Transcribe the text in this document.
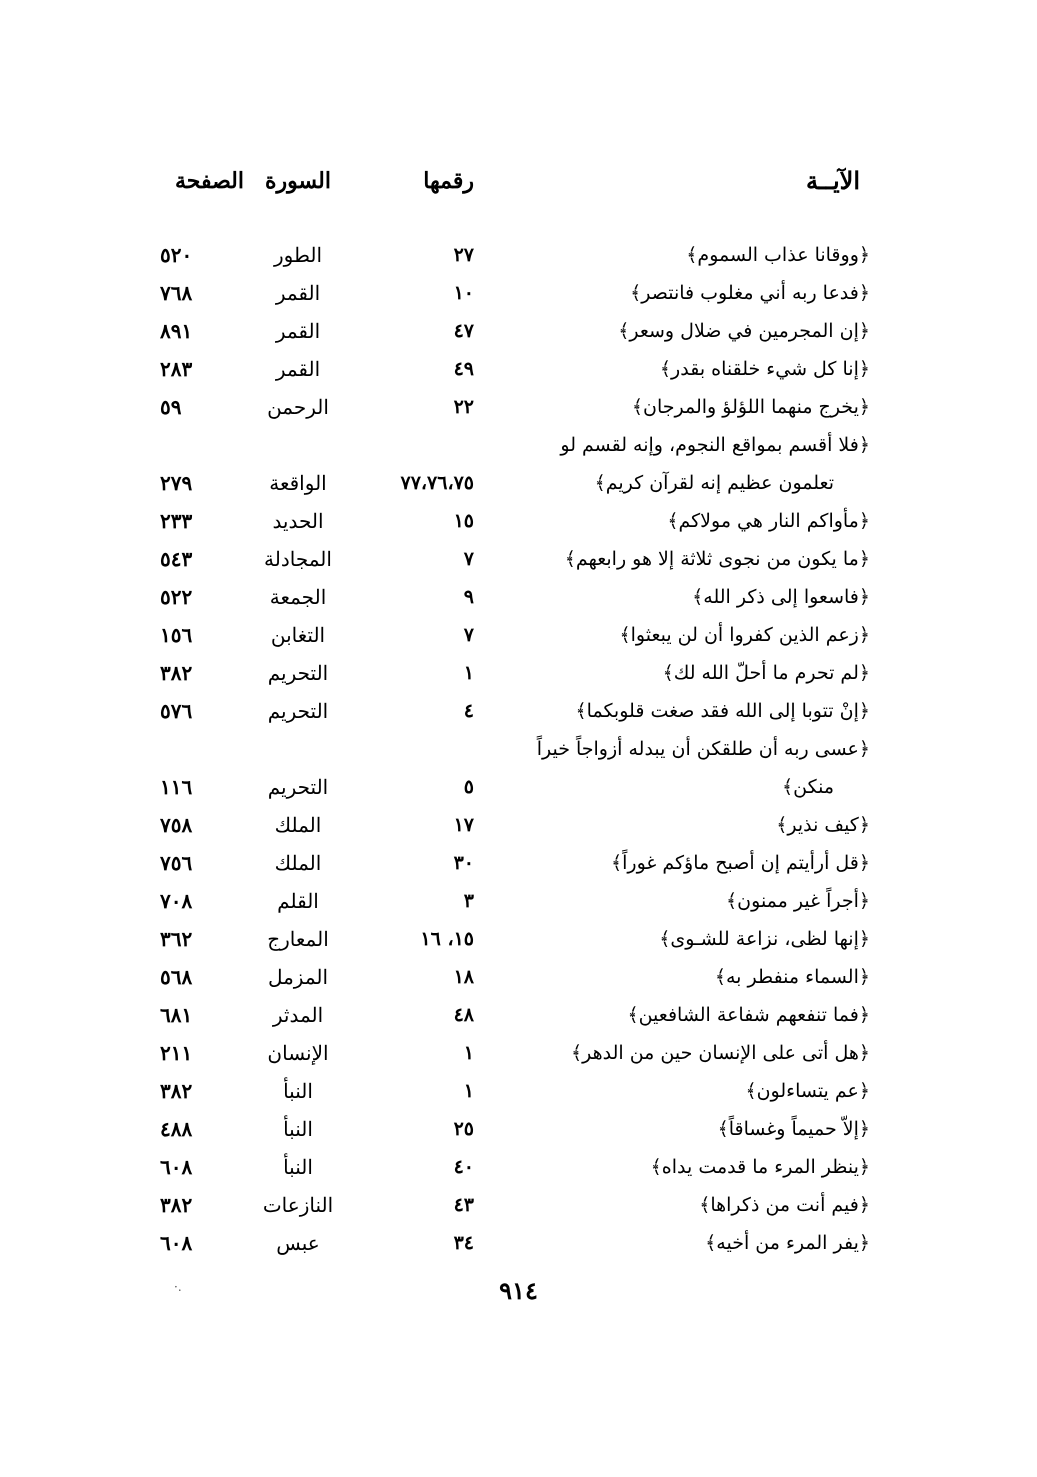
الآيــة
رقمها
السورة
الصفحة
﴿ووقانا عذاب السموم﴾
٢٧
الطور
٥٢٠
﴿فدعا ربه أني مغلوب فانتصر﴾
١٠
القمر
٧٦٨
﴿إن المجرمين في ضلال وسعر﴾
٤٧
القمر
٨٩١
﴿إنا كل شيء خلقناه بقدر﴾
٤٩
القمر
٢٨٣
﴿يخرج منهما اللؤلؤ والمرجان﴾
٢٢
الرحمن
٥٩
﴿فلا أقسم بمواقع النجوم، وإنه لقسم لو
تعلمون عظيم إنه لقرآن كريم﴾
٧٧،٧٦،٧٥
الواقعة
٢٧٩
﴿مأواكم النار هي مولاكم﴾
١٥
الحديد
٢٣٣
﴿ما يكون من نجوى ثلاثة إلا هو رابعهم﴾
٧
المجادلة
٥٤٣
﴿فاسعوا إلى ذكر الله﴾
٩
الجمعة
٥٢٢
﴿زعم الذين كفروا أن لن يبعثوا﴾
٧
التغابن
١٥٦
﴿لم تحرم ما أحلّ الله لك﴾
١
التحريم
٣٨٢
﴿إنْ تتوبا إلى الله فقد صغت قلوبكما﴾
٤
التحريم
٥٧٦
﴿عسى ربه أن طلقكن أن يبدله أزواجاً خيراً
منكن﴾
٥
التحريم
١١٦
﴿كيف نذير﴾
١٧
الملك
٧٥٨
﴿قل أرأيتم إن أصبح ماؤكم غوراً﴾
٣٠
الملك
٧٥٦
﴿أجراً غير ممنون﴾
٣
القلم
٧٠٨
﴿إنها لظى، نزاعة للشـوى﴾
١٥، ١٦
المعارج
٣٦٢
﴿السماء منفطر به﴾
١٨
المزمل
٥٦٨
﴿فما تنفعهم شفاعة الشافعين﴾
٤٨
المدثر
٦٨١
﴿هل أتى على الإنسان حين من الدهر﴾
١
الإنسان
٢١١
﴿عم يتساءلون﴾
١
النبأ
٣٨٢
﴿إلاّ حميماً وغساقاً﴾
٢٥
النبأ
٤٨٨
﴿ينظر المرء ما قدمت يداه﴾
٤٠
النبأ
٦٠٨
﴿فيم أنت من ذكراها﴾
٤٣
النازعات
٣٨٢
﴿يفر المرء من أخيه﴾
٣٤
عبس
٦٠٨
·.	٩١٤
